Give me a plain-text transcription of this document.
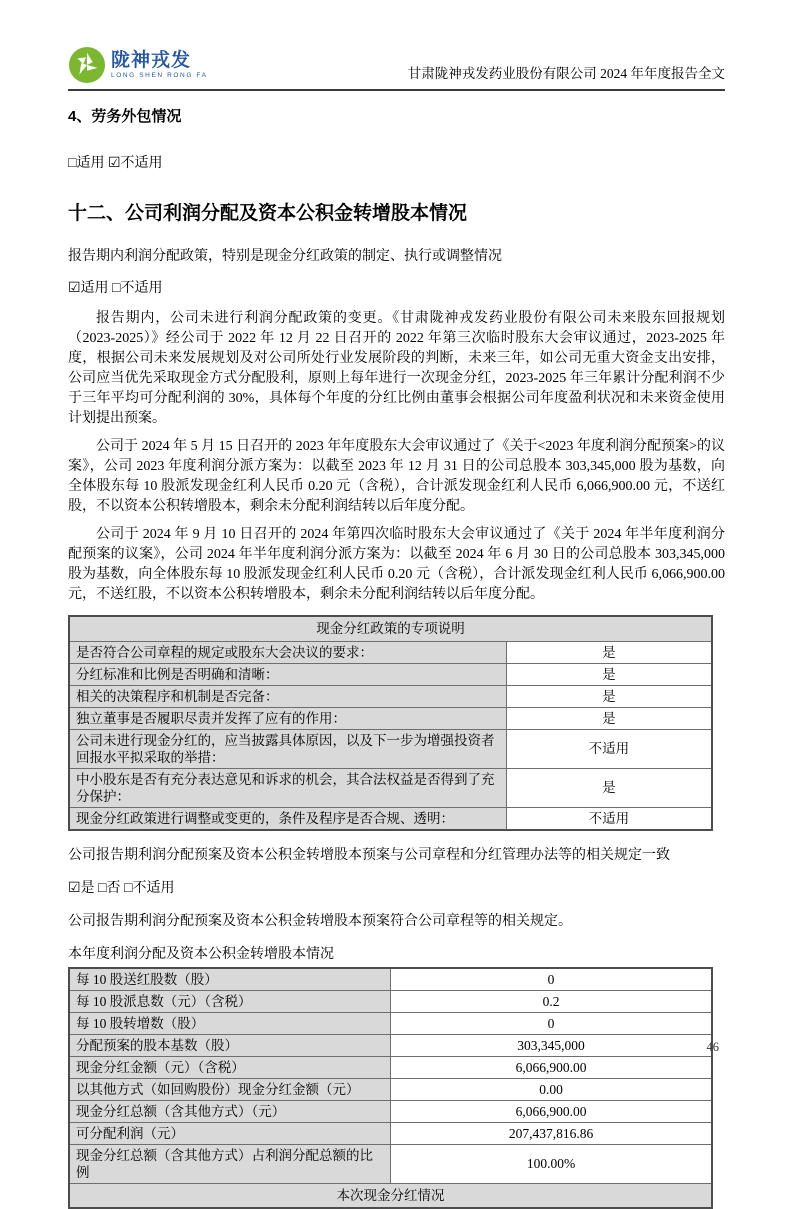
陇神戎发
LONG SHEN RONG FA	甘肃陇神戎发药业股份有限公司 2024 年年度报告全文
4、劳务外包情况
□适用 ☑不适用
十二、公司利润分配及资本公积金转增股本情况
报告期内利润分配政策，特别是现金分红政策的制定、执行或调整情况
☑适用 □不适用

报告期内，公司未进行利润分配政策的变更。《甘肃陇神戎发药业股份有限公司未来股东回报规划（2023-2025）》经公司于 2022 年 12 月 22 日召开的 2022 年第三次临时股东大会审议通过，2023-2025 年度，根据公司未来发展规划及对公司所处行业发展阶段的判断，未来三年，如公司无重大资金支出安排，公司应当优先采取现金方式分配股利，原则上每年进行一次现金分红，2023-2025 年三年累计分配利润不少于三年平均可分配利润的 30%，具体每个年度的分红比例由董事会根据公司年度盈利状况和未来资金使用计划提出预案。

公司于 2024 年 5 月 15 日召开的 2023 年年度股东大会审议通过了《关于<2023 年度利润分配预案>的议案》，公司 2023 年度利润分派方案为：以截至 2023 年 12 月 31 日的公司总股本 303,345,000 股为基数，向全体股东每 10 股派发现金红利人民币 0.20 元（含税），合计派发现金红利人民币 6,066,900.00 元，不送红股，不以资本公积转增股本，剩余未分配利润结转以后年度分配。

公司于 2024 年 9 月 10 日召开的 2024 年第四次临时股东大会审议通过了《关于 2024 年半年度利润分配预案的议案》，公司 2024 年半年度利润分派方案为：以截至 2024 年 6 月 30 日的公司总股本 303,345,000 股为基数，向全体股东每 10 股派发现金红利人民币 0.20 元（含税），合计派发现金红利人民币 6,066,900.00 元，不送红股，不以资本公积转增股本，剩余未分配利润结转以后年度分配。

现金分红政策的专项说明	
是否符合公司章程的规定或股东大会决议的要求：	是
分红标准和比例是否明确和清晰：	是
相关的决策程序和机制是否完备：	是
独立董事是否履职尽责并发挥了应有的作用：	是
公司未进行现金分红的，应当披露具体原因，以及下一步为增强投资者回报水平拟采取的举措：	不适用
中小股东是否有充分表达意见和诉求的机会，其合法权益是否得到了充分保护：	是
现金分红政策进行调整或变更的，条件及程序是否合规、透明：	不适用
公司报告期利润分配预案及资本公积金转增股本预案与公司章程和分红管理办法等的相关规定一致
☑是 □否 □不适用
公司报告期利润分配预案及资本公积金转增股本预案符合公司章程等的相关规定。
本年度利润分配及资本公积金转增股本情况
每 10 股送红股数（股）	0
每 10 股派息数（元）（含税）	0.2
每 10 股转增数（股）	0
分配预案的股本基数（股）	303,345,000
现金分红金额（元）（含税）	6,066,900.00
以其他方式（如回购股份）现金分红金额（元）	0.00
现金分红总额（含其他方式）（元）	6,066,900.00
可分配利润（元）	207,437,816.86
现金分红总额（含其他方式）占利润分配总额的比例	100.00%
本次现金分红情况	
46
